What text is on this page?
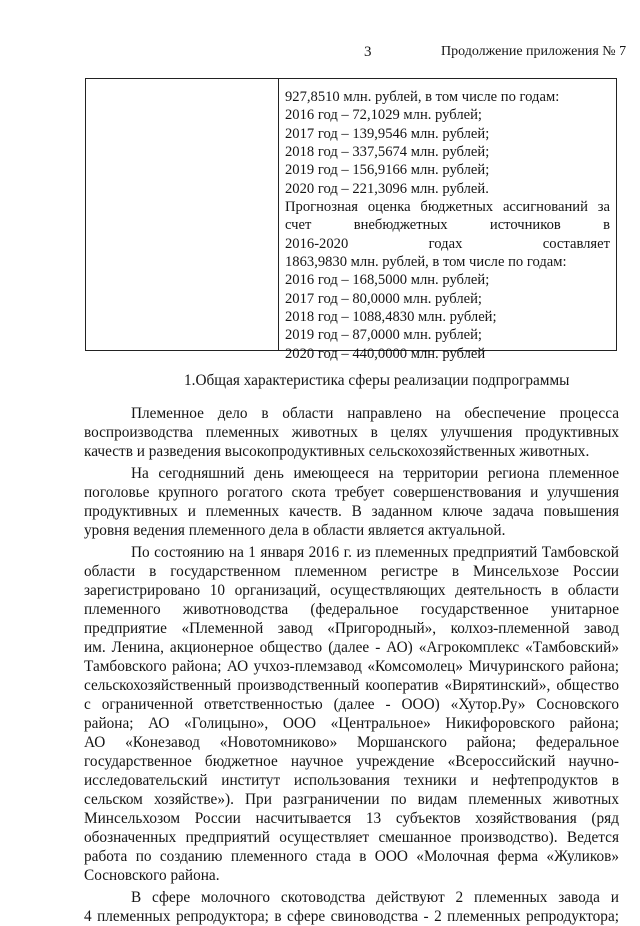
3	Продолжение приложения № 7
927,8510 млн. рублей, в том числе по годам:
2016 год – 72,1029 млн. рублей;
2017 год – 139,9546 млн. рублей;
2018 год – 337,5674 млн. рублей;
2019 год – 156,9166 млн. рублей;
2020 год – 221,3096 млн. рублей.
Прогнозная оценка бюджетных ассигнований за
счет внебюджетных источников в
2016-2020 годах составляет
1863,9830 млн. рублей, в том числе по годам:
2016 год – 168,5000 млн. рублей;
2017 год – 80,0000 млн. рублей;
2018 год – 1088,4830 млн. рублей;
2019 год – 87,0000 млн. рублей;
2020 год – 440,0000 млн. рублей
1.Общая характеристика сферы реализации подпрограммы
Племенное дело в области направлено на обеспечение процесса
воспроизводства племенных животных в целях улучшения продуктивных
качеств и разведения высокопродуктивных сельскохозяйственных животных.
На сегодняшний день имеющееся на территории региона племенное
поголовье крупного рогатого скота требует совершенствования и улучшения
продуктивных и племенных качеств. В заданном ключе задача повышения
уровня ведения племенного дела в области является актуальной.
По состоянию на 1 января 2016 г. из племенных предприятий Тамбовской
области в государственном племенном регистре в Минсельхозе России
зарегистрировано 10 организаций, осуществляющих деятельность в области
племенного животноводства (федеральное государственное унитарное
предприятие «Племенной завод «Пригородный», колхоз-племенной завод
им. Ленина, акционерное общество (далее - АО) «Агрокомплекс «Тамбовский»
Тамбовского района; АО учхоз-племзавод «Комсомолец» Мичуринского района;
сельскохозяйственный производственный кооператив «Вирятинский», общество
с ограниченной ответственностью (далее - ООО) «Хутор.Ру» Сосновского
района; АО «Голицыно», ООО «Центральное» Никифоровского района;
АО «Конезавод «Новотомниково» Моршанского района; федеральное
государственное бюджетное научное учреждение «Всероссийский научно-
исследовательский институт использования техники и нефтепродуктов в
сельском хозяйстве»). При разграничении по видам племенных животных
Минсельхозом России насчитывается 13 субъектов хозяйствования (ряд
обозначенных предприятий осуществляет смешанное производство). Ведется
работа по созданию племенного стада в ООО «Молочная ферма «Жуликов»
Сосновского района.
В сфере молочного скотоводства действуют 2 племенных завода и
4 племенных репродуктора; в сфере свиноводства - 2 племенных репродуктора;
